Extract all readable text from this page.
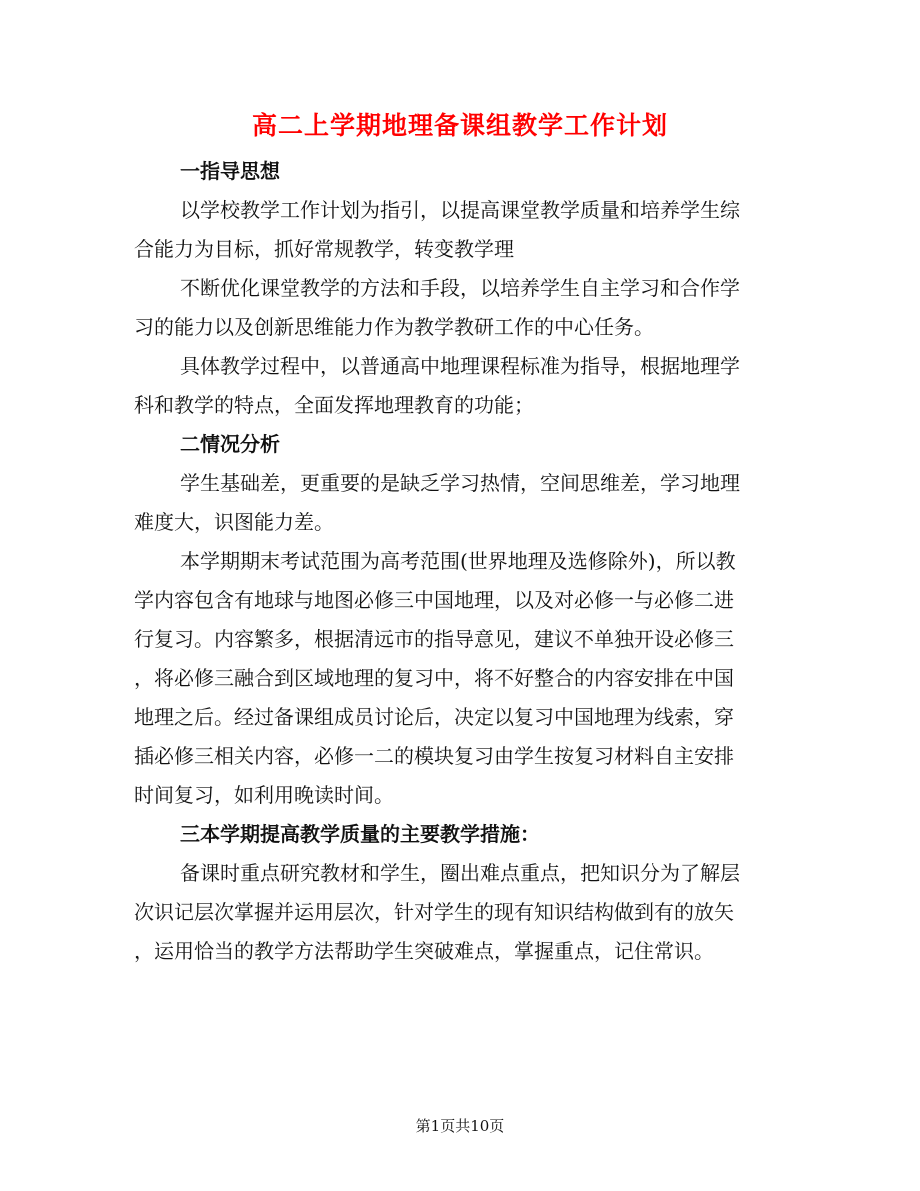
高二上学期地理备课组教学工作计划
一指导思想
以学校教学工作计划为指引，以提高课堂教学质量和培养学生综
合能力为目标，抓好常规教学，转变教学理
不断优化课堂教学的方法和手段，以培养学生自主学习和合作学
习的能力以及创新思维能力作为教学教研工作的中心任务。
具体教学过程中，以普通高中地理课程标准为指导，根据地理学
科和教学的特点，全面发挥地理教育的功能；
二情况分析
学生基础差，更重要的是缺乏学习热情，空间思维差，学习地理
难度大，识图能力差。
本学期期末考试范围为高考范围(世界地理及选修除外)，所以教
学内容包含有地球与地图必修三中国地理，以及对必修一与必修二进
行复习。内容繁多，根据清远市的指导意见，建议不单独开设必修三
，将必修三融合到区域地理的复习中，将不好整合的内容安排在中国
地理之后。经过备课组成员讨论后，决定以复习中国地理为线索，穿
插必修三相关内容，必修一二的模块复习由学生按复习材料自主安排
时间复习，如利用晚读时间。
三本学期提高教学质量的主要教学措施：
备课时重点研究教材和学生，圈出难点重点，把知识分为了解层
次识记层次掌握并运用层次，针对学生的现有知识结构做到有的放矢
，运用恰当的教学方法帮助学生突破难点，掌握重点，记住常识。
第1页共10页
